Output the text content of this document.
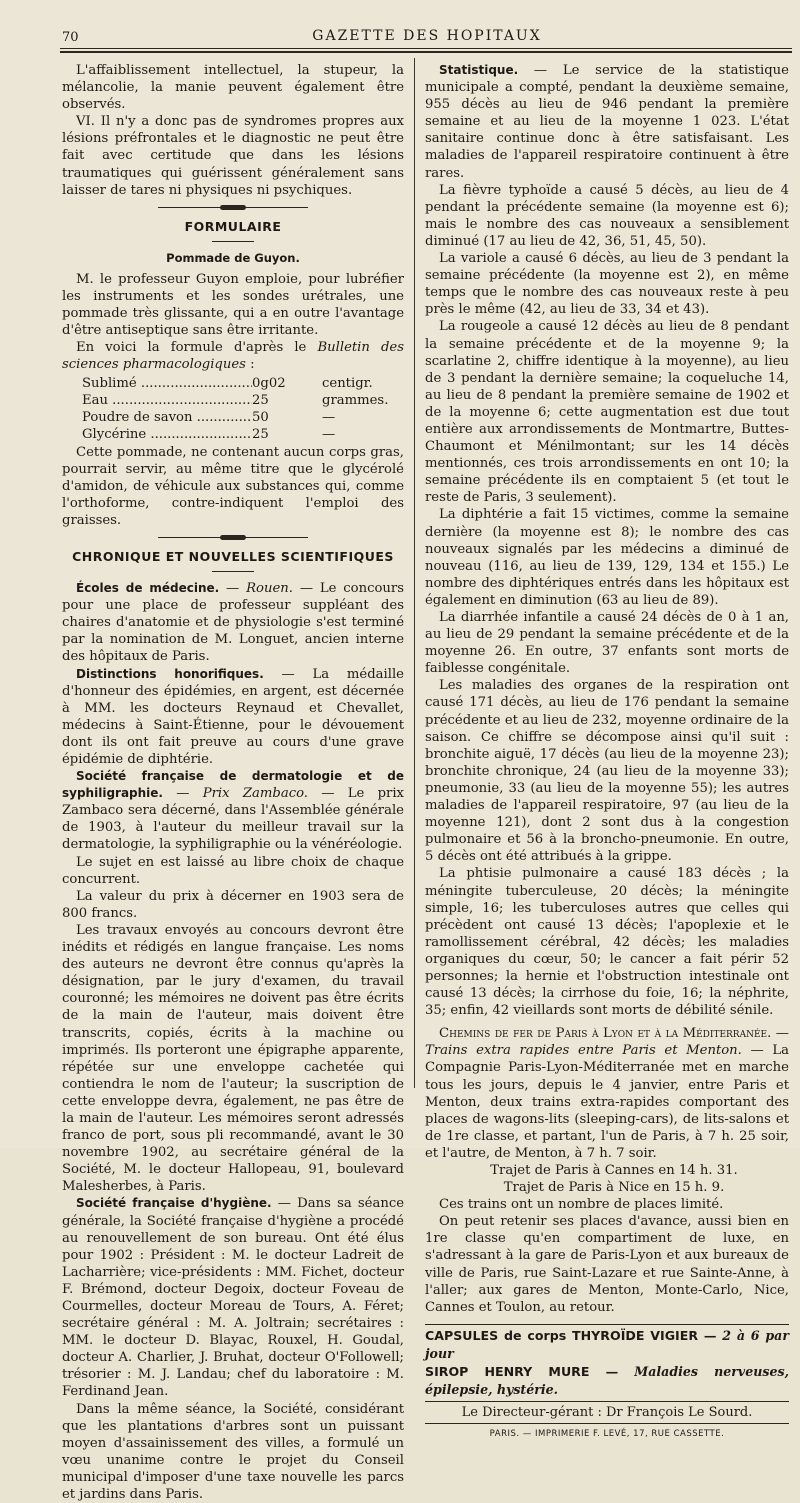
70	GAZETTE DES HOPITAUX

L'affaiblissement intellectuel, la stupeur, la mélancolie, la manie peuvent également être observés.

VI. Il n'y a donc pas de syndromes propres aux lésions préfrontales et le diagnostic ne peut être fait avec certitude que dans les lésions traumatiques qui guérissent généralement sans laisser de tares ni physiques ni psychiques.

FORMULAIRE
Pommade de Guyon.

M. le professeur Guyon emploie, pour lubréfier les instruments et les sondes urétrales, une pommade très glissante, qui a en outre l'avantage d'être antiseptique sans être irritante.

En voici la formule d'après le Bulletin des sciences pharmacologiques :

Sublimé .....	0g02	centigr.
Eau .....	25	grammes.
Poudre de savon .....	50	—
Glycérine .....	25	—

Cette pommade, ne contenant aucun corps gras, pourrait servir, au même titre que le glycérolé d'amidon, de véhicule aux substances qui, comme l'orthoforme, contre-indiquent l'emploi des graisses.

CHRONIQUE ET NOUVELLES SCIENTIFIQUES

Écoles de médecine. — Rouen. — Le concours pour une place de professeur suppléant des chaires d'anatomie et de physiologie s'est terminé par la nomination de M. Longuet, ancien interne des hôpitaux de Paris.

Distinctions honorifiques. — La médaille d'honneur des épidémies, en argent, est décernée à MM. les docteurs Reynaud et Chevallet, médecins à Saint-Étienne, pour le dévouement dont ils ont fait preuve au cours d'une grave épidémie de diphtérie.

Société française de dermatologie et de syphiligraphie. — Prix Zambaco. — Le prix Zambaco sera décerné, dans l'Assemblée générale de 1903, à l'auteur du meilleur travail sur la dermatologie, la syphiligraphie ou la vénéréologie.

Le sujet en est laissé au libre choix de chaque concurrent.

La valeur du prix à décerner en 1903 sera de 800 francs.

Les travaux envoyés au concours devront être inédits et rédigés en langue française. Les noms des auteurs ne devront être connus qu'après la désignation, par le jury d'examen, du travail couronné; les mémoires ne doivent pas être écrits de la main de l'auteur, mais doivent être transcrits, copiés, écrits à la machine ou imprimés. Ils porteront une épigraphe apparente, répétée sur une enveloppe cachetée qui contiendra le nom de l'auteur; la suscription de cette enveloppe devra, également, ne pas être de la main de l'auteur. Les mémoires seront adressés franco de port, sous pli recommandé, avant le 30 novembre 1902, au secrétaire général de la Société, M. le docteur Hallopeau, 91, boulevard Malesherbes, à Paris.

Société française d'hygiène. — Dans sa séance générale, la Société française d'hygiène a procédé au renouvellement de son bureau. Ont été élus pour 1902 : Président : M. le docteur Ladreit de Lacharrière; vice-présidents : MM. Fichet, docteur F. Brémond, docteur Degoix, docteur Foveau de Courmelles, docteur Moreau de Tours, A. Féret; secrétaire général : M. A. Joltrain; secrétaires : MM. le docteur D. Blayac, Rouxel, H. Goudal, docteur A. Charlier, J. Bruhat, docteur O'Followell; trésorier : M. J. Landau; chef du laboratoire : M. Ferdinand Jean.

Dans la même séance, la Société, considérant que les plantations d'arbres sont un puissant moyen d'assainissement des villes, a formulé un vœu unanime contre le projet du Conseil municipal d'imposer d'une taxe nouvelle les parcs et jardins dans Paris.

Statistique. — Le service de la statistique municipale a compté, pendant la deuxième semaine, 955 décès au lieu de 946 pendant la première semaine et au lieu de la moyenne 1 023. L'état sanitaire continue donc à être satisfaisant. Les maladies de l'appareil respiratoire continuent à être rares.

La fièvre typhoïde a causé 5 décès, au lieu de 4 pendant la précédente semaine (la moyenne est 6); mais le nombre des cas nouveaux a sensiblement diminué (17 au lieu de 42, 36, 51, 45, 50).

La variole a causé 6 décès, au lieu de 3 pendant la semaine précédente (la moyenne est 2), en même temps que le nombre des cas nouveaux reste à peu près le même (42, au lieu de 33, 34 et 43).

La rougeole a causé 12 décès au lieu de 8 pendant la semaine précédente et de la moyenne 9; la scarlatine 2, chiffre identique à la moyenne), au lieu de 3 pendant la dernière semaine; la coqueluche 14, au lieu de 8 pendant la première semaine de 1902 et de la moyenne 6; cette augmentation est due tout entière aux arrondissements de Montmartre, Buttes-Chaumont et Ménilmontant; sur les 14 décès mentionnés, ces trois arrondissements en ont 10; la semaine précédente ils en comptaient 5 (et tout le reste de Paris, 3 seulement).

La diphtérie a fait 15 victimes, comme la semaine dernière (la moyenne est 8); le nombre des cas nouveaux signalés par les médecins a diminué de nouveau (116, au lieu de 139, 129, 134 et 155.) Le nombre des diphtériques entrés dans les hôpitaux est également en diminution (63 au lieu de 89).

La diarrhée infantile a causé 24 décès de 0 à 1 an, au lieu de 29 pendant la semaine précédente et de la moyenne 26. En outre, 37 enfants sont morts de faiblesse congénitale.

Les maladies des organes de la respiration ont causé 171 décès, au lieu de 176 pendant la semaine précédente et au lieu de 232, moyenne ordinaire de la saison. Ce chiffre se décompose ainsi qu'il suit : bronchite aiguë, 17 décès (au lieu de la moyenne 23); bronchite chronique, 24 (au lieu de la moyenne 33); pneumonie, 33 (au lieu de la moyenne 55); les autres maladies de l'appareil respiratoire, 97 (au lieu de la moyenne 121), dont 2 sont dus à la congestion pulmonaire et 56 à la broncho-pneumonie. En outre, 5 décès ont été attribués à la grippe.

La phtisie pulmonaire a causé 183 décès ; la méningite tuberculeuse, 20 décès; la méningite simple, 16; les tuberculoses autres que celles qui précèdent ont causé 13 décès; l'apoplexie et le ramollissement cérébral, 42 décès; les maladies organiques du cœur, 50; le cancer a fait périr 52 personnes; la hernie et l'obstruction intestinale ont causé 13 décès; la cirrhose du foie, 16; la néphrite, 35; enfin, 42 vieillards sont morts de débilité sénile.

Chemins de fer de Paris à Lyon et à la Méditerranée. — Trains extra rapides entre Paris et Menton. — La Compagnie Paris-Lyon-Méditerranée met en marche tous les jours, depuis le 4 janvier, entre Paris et Menton, deux trains extra-rapides comportant des places de wagons-lits (sleeping-cars), de lits-salons et de 1re classe, et partant, l'un de Paris, à 7 h. 25 soir, et l'autre, de Menton, à 7 h. 7 soir.

Trajet de Paris à Cannes en 14 h. 31.

Trajet de Paris à Nice en 15 h. 9.

Ces trains ont un nombre de places limité.

On peut retenir ses places d'avance, aussi bien en 1re classe qu'en compartiment de luxe, en s'adressant à la gare de Paris-Lyon et aux bureaux de ville de Paris, rue Saint-Lazare et rue Sainte-Anne, à l'aller; aux gares de Menton, Monte-Carlo, Nice, Cannes et Toulon, au retour.

CAPSULES de corps THYROÏDE VIGIER — 2 à 6 par jour

SIROP HENRY MURE — Maladies nerveuses, épilepsie, hystérie.

Le Directeur-gérant : Dr François Le Sourd.

PARIS. — IMPRIMERIE F. LEVÉ, 17, RUE CASSETTE.
